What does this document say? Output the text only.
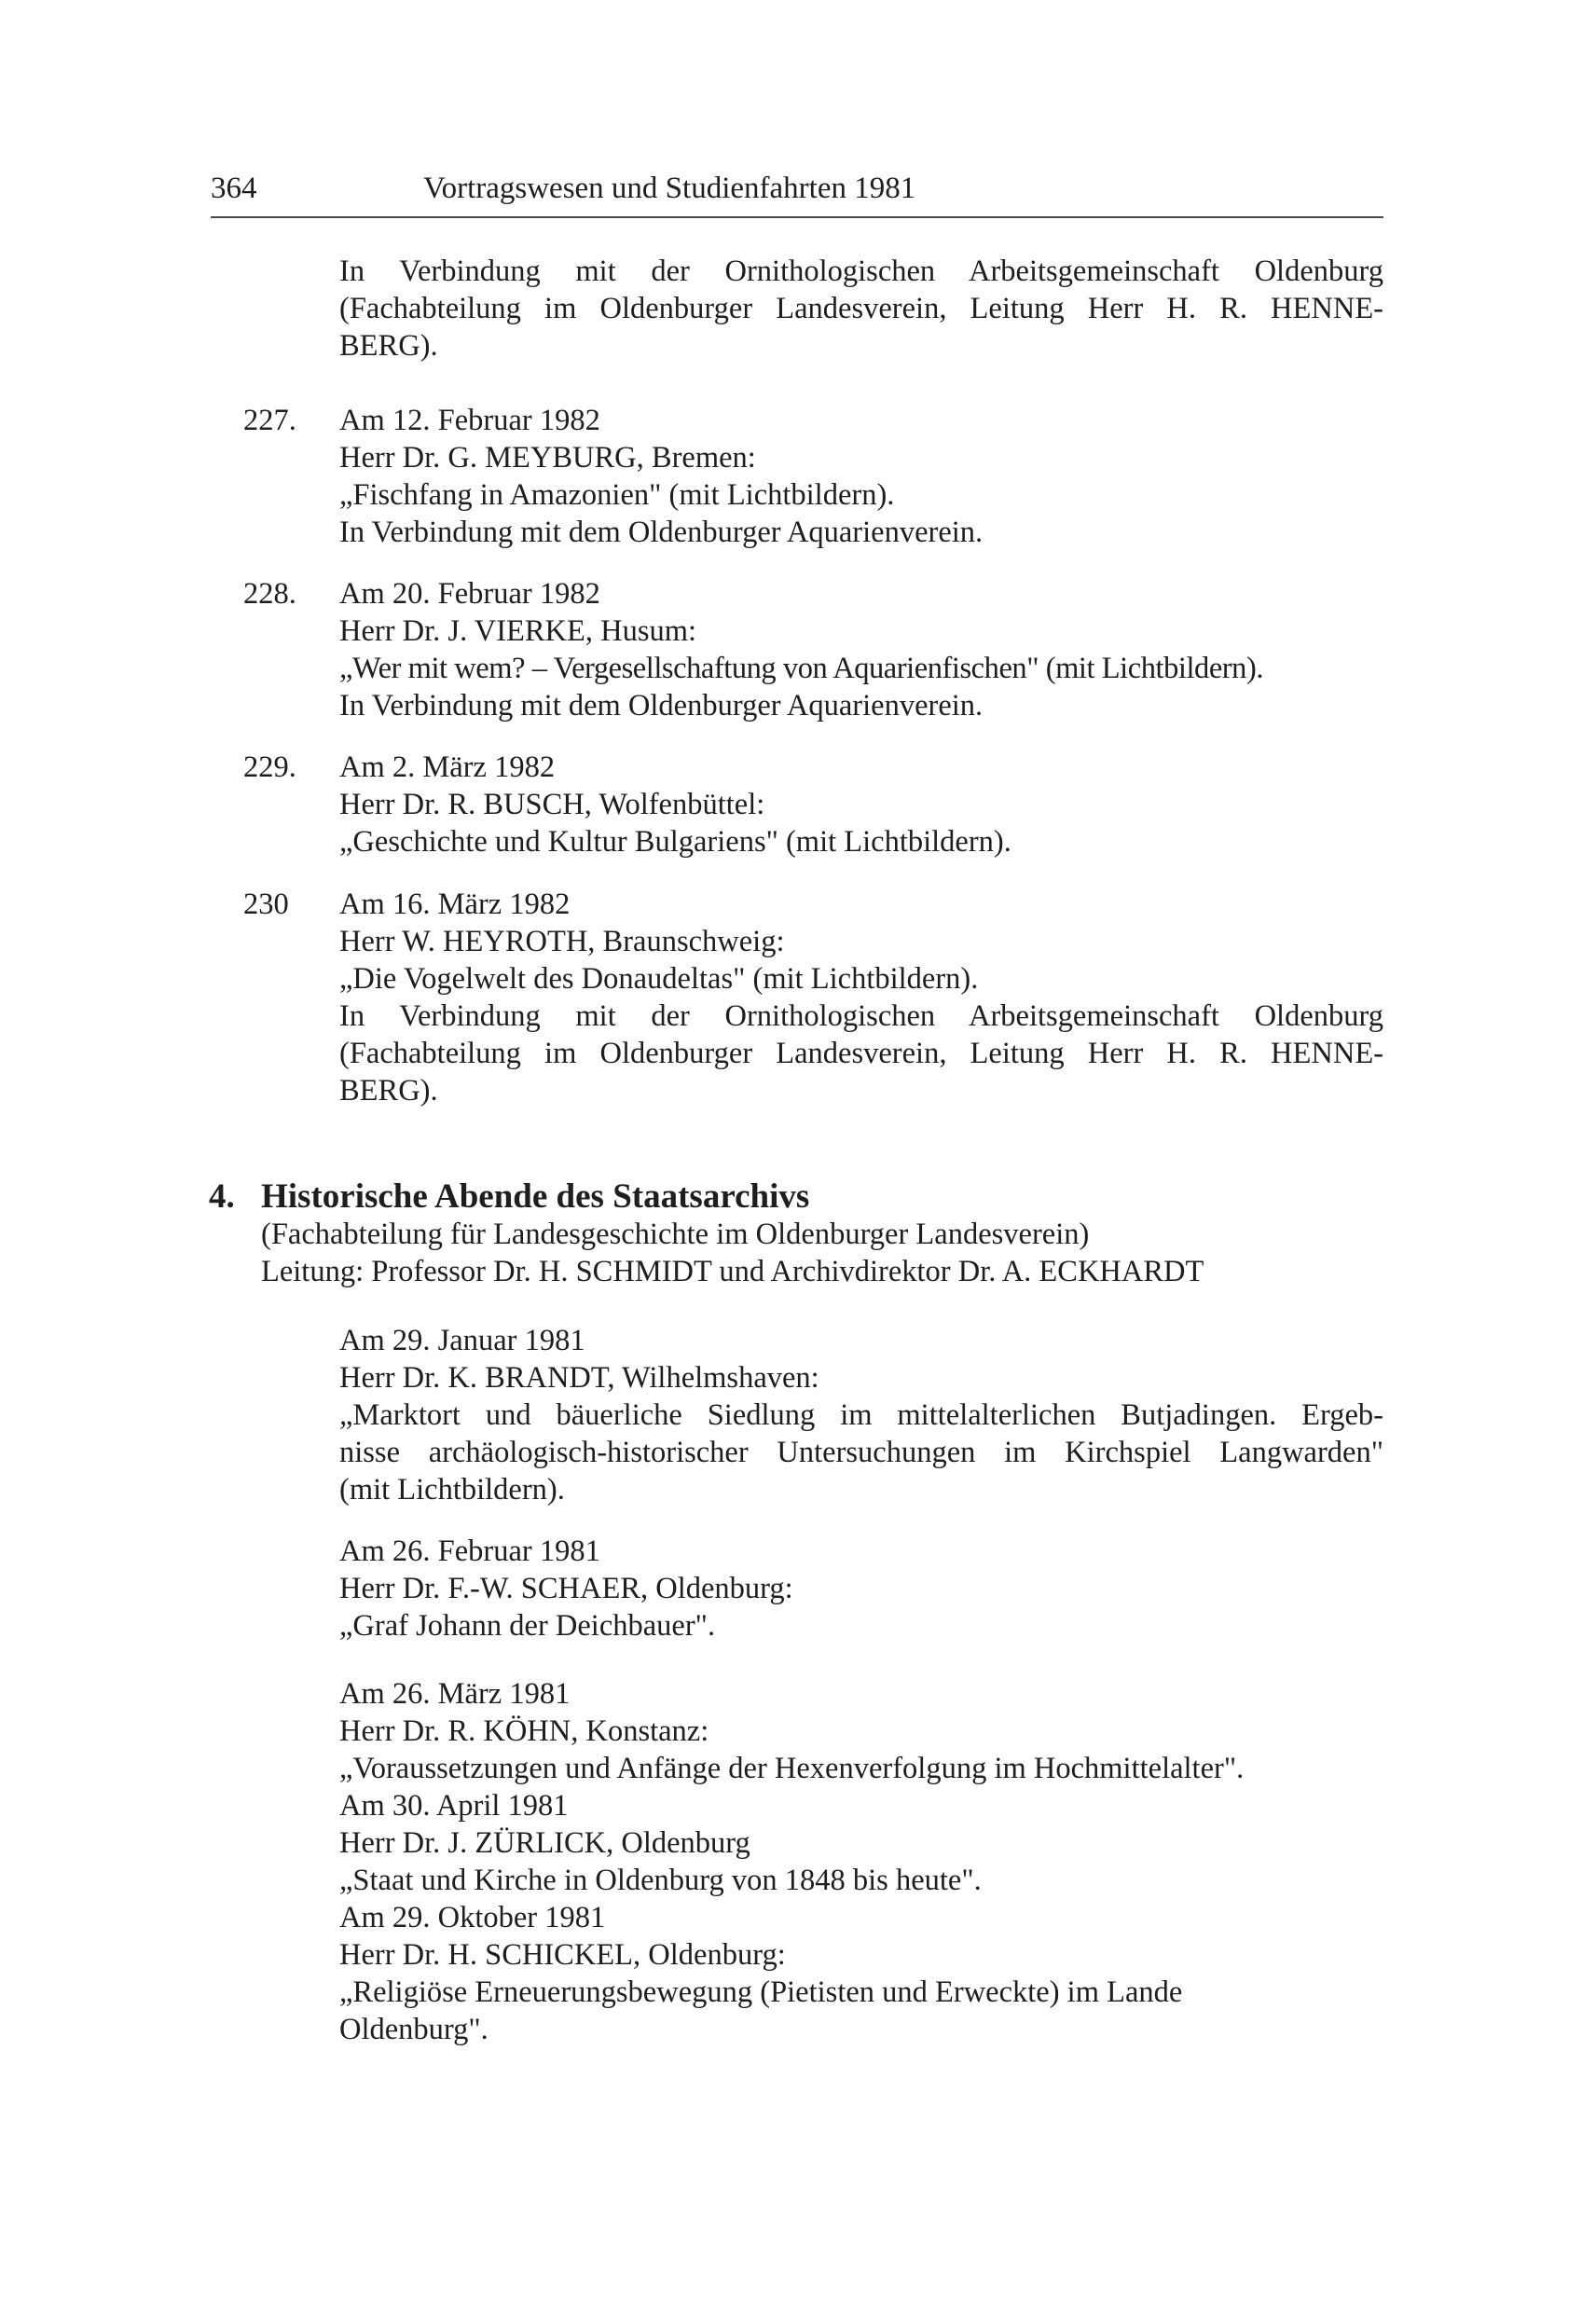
364	Vortragswesen und Studienfahrten 1981
In Verbindung mit der Ornithologischen Arbeitsgemeinschaft Oldenburg
(Fachabteilung im Oldenburger Landesverein, Leitung Herr H. R. HENNE-
BERG).
227. Am 12. Februar 1982
Herr Dr. G. MEYBURG, Bremen:
„Fischfang in Amazonien" (mit Lichtbildern).
In Verbindung mit dem Oldenburger Aquarienverein.
228. Am 20. Februar 1982
Herr Dr. J. VIERKE, Husum:
„Wer mit wem? – Vergesellschaftung von Aquarienfischen" (mit Lichtbildern).
In Verbindung mit dem Oldenburger Aquarienverein.
229. Am 2. März 1982
Herr Dr. R. BUSCH, Wolfenbüttel:
„Geschichte und Kultur Bulgariens" (mit Lichtbildern).
230 Am 16. März 1982
Herr W. HEYROTH, Braunschweig:
„Die Vogelwelt des Donaudeltas" (mit Lichtbildern).
In Verbindung mit der Ornithologischen Arbeitsgemeinschaft Oldenburg
(Fachabteilung im Oldenburger Landesverein, Leitung Herr H. R. HENNE-
BERG).
4. Historische Abende des Staatsarchivs
(Fachabteilung für Landesgeschichte im Oldenburger Landesverein)
Leitung: Professor Dr. H. SCHMIDT und Archivdirektor Dr. A. ECKHARDT
Am 29. Januar 1981
Herr Dr. K. BRANDT, Wilhelmshaven:
„Marktort und bäuerliche Siedlung im mittelalterlichen Butjadingen. Ergeb-
nisse archäologisch-historischer Untersuchungen im Kirchspiel Langwarden"
(mit Lichtbildern).
Am 26. Februar 1981
Herr Dr. F.-W. SCHAER, Oldenburg:
„Graf Johann der Deichbauer".
Am 26. März 1981
Herr Dr. R. KÖHN, Konstanz:
„Voraussetzungen und Anfänge der Hexenverfolgung im Hochmittelalter".
Am 30. April 1981
Herr Dr. J. ZÜRLICK, Oldenburg
„Staat und Kirche in Oldenburg von 1848 bis heute".
Am 29. Oktober 1981
Herr Dr. H. SCHICKEL, Oldenburg:
„Religiöse Erneuerungsbewegung (Pietisten und Erweckte) im Lande
Oldenburg".
